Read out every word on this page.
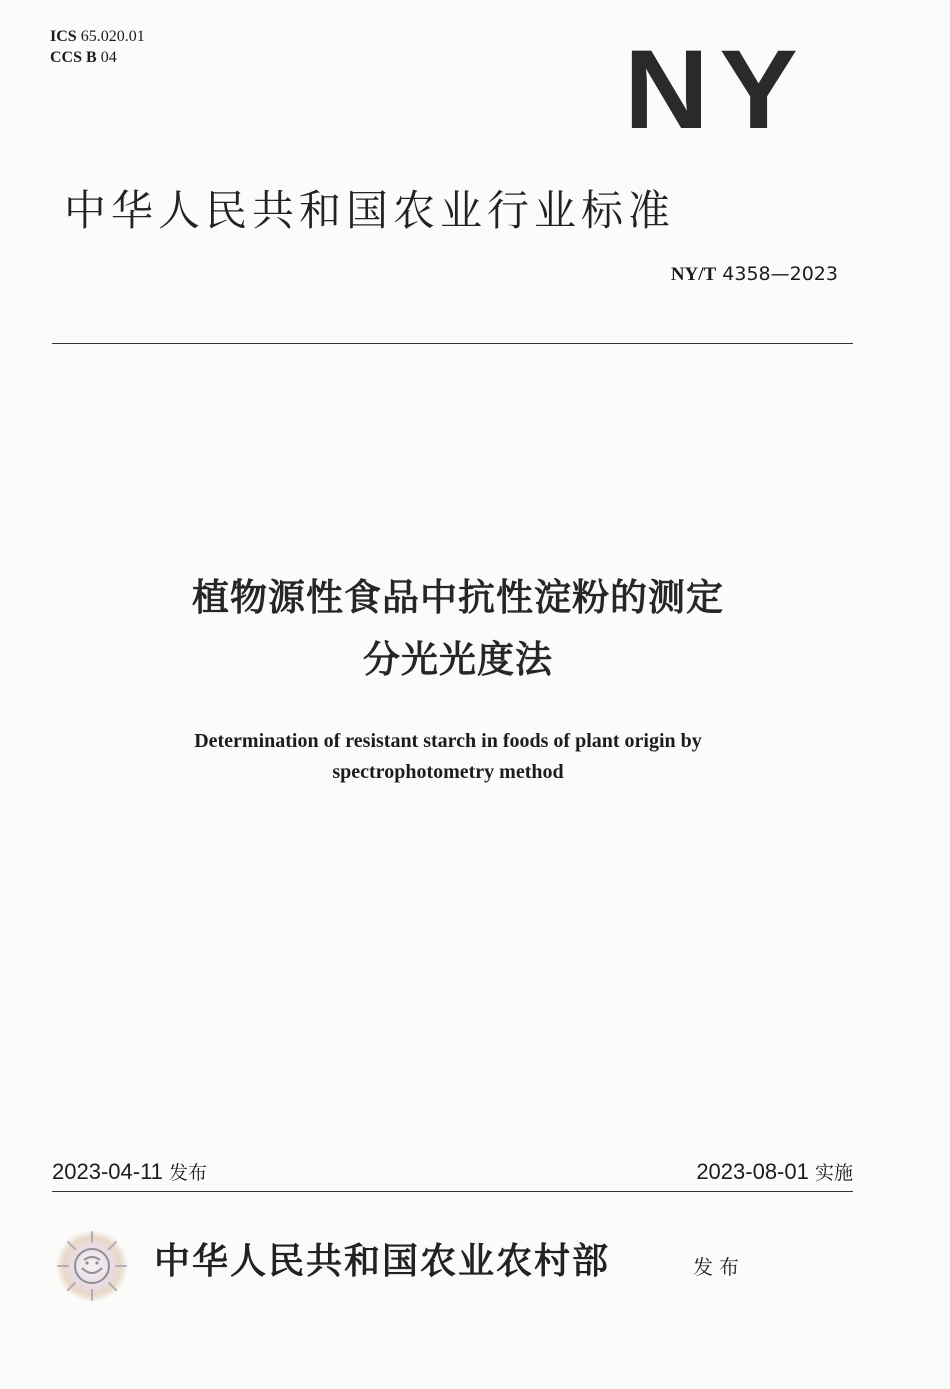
ICS 65.020.01
CCS B 04	NY
中华人民共和国农业行业标准
NY/T 4358—2023
植物源性食品中抗性淀粉的测定
分光光度法
Determination of resistant starch in foods of plant origin by
spectrophotometry method
2023-04-11 发布	2023-08-01 实施
中华人民共和国农业农村部	发布
